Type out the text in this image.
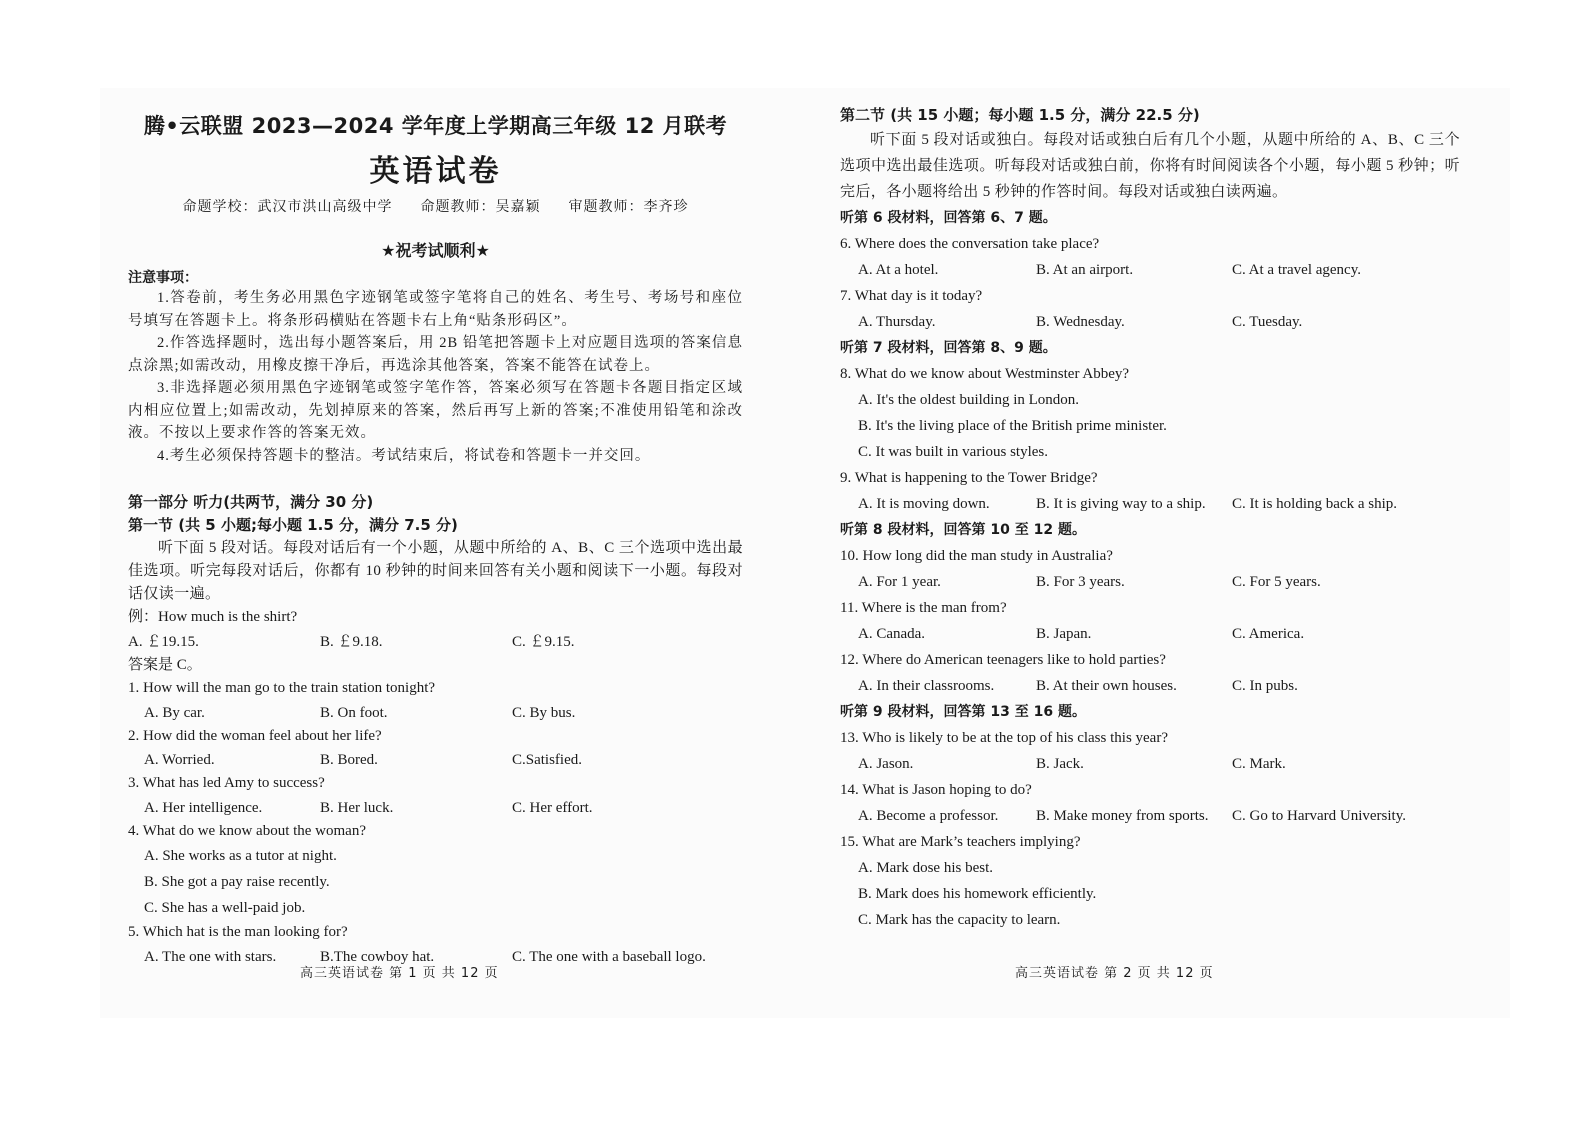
腾•云联盟 2023—2024 学年度上学期高三年级 12 月联考
英语试卷
命题学校：武汉市洪山高级中学 命题教师：吴嘉颖 审题教师：李齐珍
★祝考试顺利★
注意事项：

1.答卷前，考生务必用黑色字迹钢笔或签字笔将自己的姓名、考生号、考场号和座位号填写在答题卡上。将条形码横贴在答题卡右上角“贴条形码区”。

2.作答选择题时，选出每小题答案后，用 2B 铅笔把答题卡上对应题目选项的答案信息点涂黑;如需改动，用橡皮擦干净后，再选涂其他答案，答案不能答在试卷上。

3.非选择题必须用黑色字迹钢笔或签字笔作答，答案必须写在答题卡各题目指定区域内相应位置上;如需改动，先划掉原来的答案，然后再写上新的答案;不准使用铅笔和涂改液。不按以上要求作答的答案无效。

4.考生必须保持答题卡的整洁。考试结束后，将试卷和答题卡一并交回。

第一部分 听力(共两节，满分 30 分)
第一节 (共 5 小题;每小题 1.5 分，满分 7.5 分)

听下面 5 段对话。每段对话后有一个小题，从题中所给的 A、B、C 三个选项中选出最佳选项。听完每段对话后，你都有 10 秒钟的时间来回答有关小题和阅读下一小题。每段对话仅读一遍。

例：How much is the shirt?
A. ￡19.15.	B. ￡9.18.	C. ￡9.15.
答案是 C。
1. How will the man go to the train station tonight?
A. By car.	B. On foot.	C. By bus.
2. How did the woman feel about her life?
A. Worried.	B. Bored.	C.Satisfied.
3. What has led Amy to success?
A. Her intelligence.	B. Her luck.	C. Her effort.
4. What do we know about the woman?
A. She works as a tutor at night.
B. She got a pay raise recently.
C. She has a well-paid job.
5. Which hat is the man looking for?
A. The one with stars.	B.The cowboy hat.	C. The one with a baseball logo.
高三英语试卷 第 1 页 共 12 页
第二节 (共 15 小题；每小题 1.5 分，满分 22.5 分)

听下面 5 段对话或独白。每段对话或独白后有几个小题，从题中所给的 A、B、C 三个选项中选出最佳选项。听每段对话或独白前，你将有时间阅读各个小题，每小题 5 秒钟；听完后，各小题将给出 5 秒钟的作答时间。每段对话或独白读两遍。

听第 6 段材料，回答第 6、7 题。
6. Where does the conversation take place?
A. At a hotel.	B. At an airport.	C. At a travel agency.
7. What day is it today?
A. Thursday.	B. Wednesday.	C. Tuesday.
听第 7 段材料，回答第 8、9 题。
8. What do we know about Westminster Abbey?
A. It's the oldest building in London.
B. It's the living place of the British prime minister.
C. It was built in various styles.
9. What is happening to the Tower Bridge?
A. It is moving down.	B. It is giving way to a ship.	C. It is holding back a ship.
听第 8 段材料，回答第 10 至 12 题。
10. How long did the man study in Australia?
A. For 1 year.	B. For 3 years.	C. For 5 years.
11. Where is the man from?
A. Canada.	B. Japan.	C. America.
12. Where do American teenagers like to hold parties?
A. In their classrooms.	B. At their own houses.	C. In pubs.
听第 9 段材料，回答第 13 至 16 题。
13. Who is likely to be at the top of his class this year?
A. Jason.	B. Jack.	C. Mark.
14. What is Jason hoping to do?
A. Become a professor.	B. Make money from sports.	C. Go to Harvard University.
15. What are Mark’s teachers implying?
A. Mark dose his best.
B. Mark does his homework efficiently.
C. Mark has the capacity to learn.
高三英语试卷 第 2 页 共 12 页
